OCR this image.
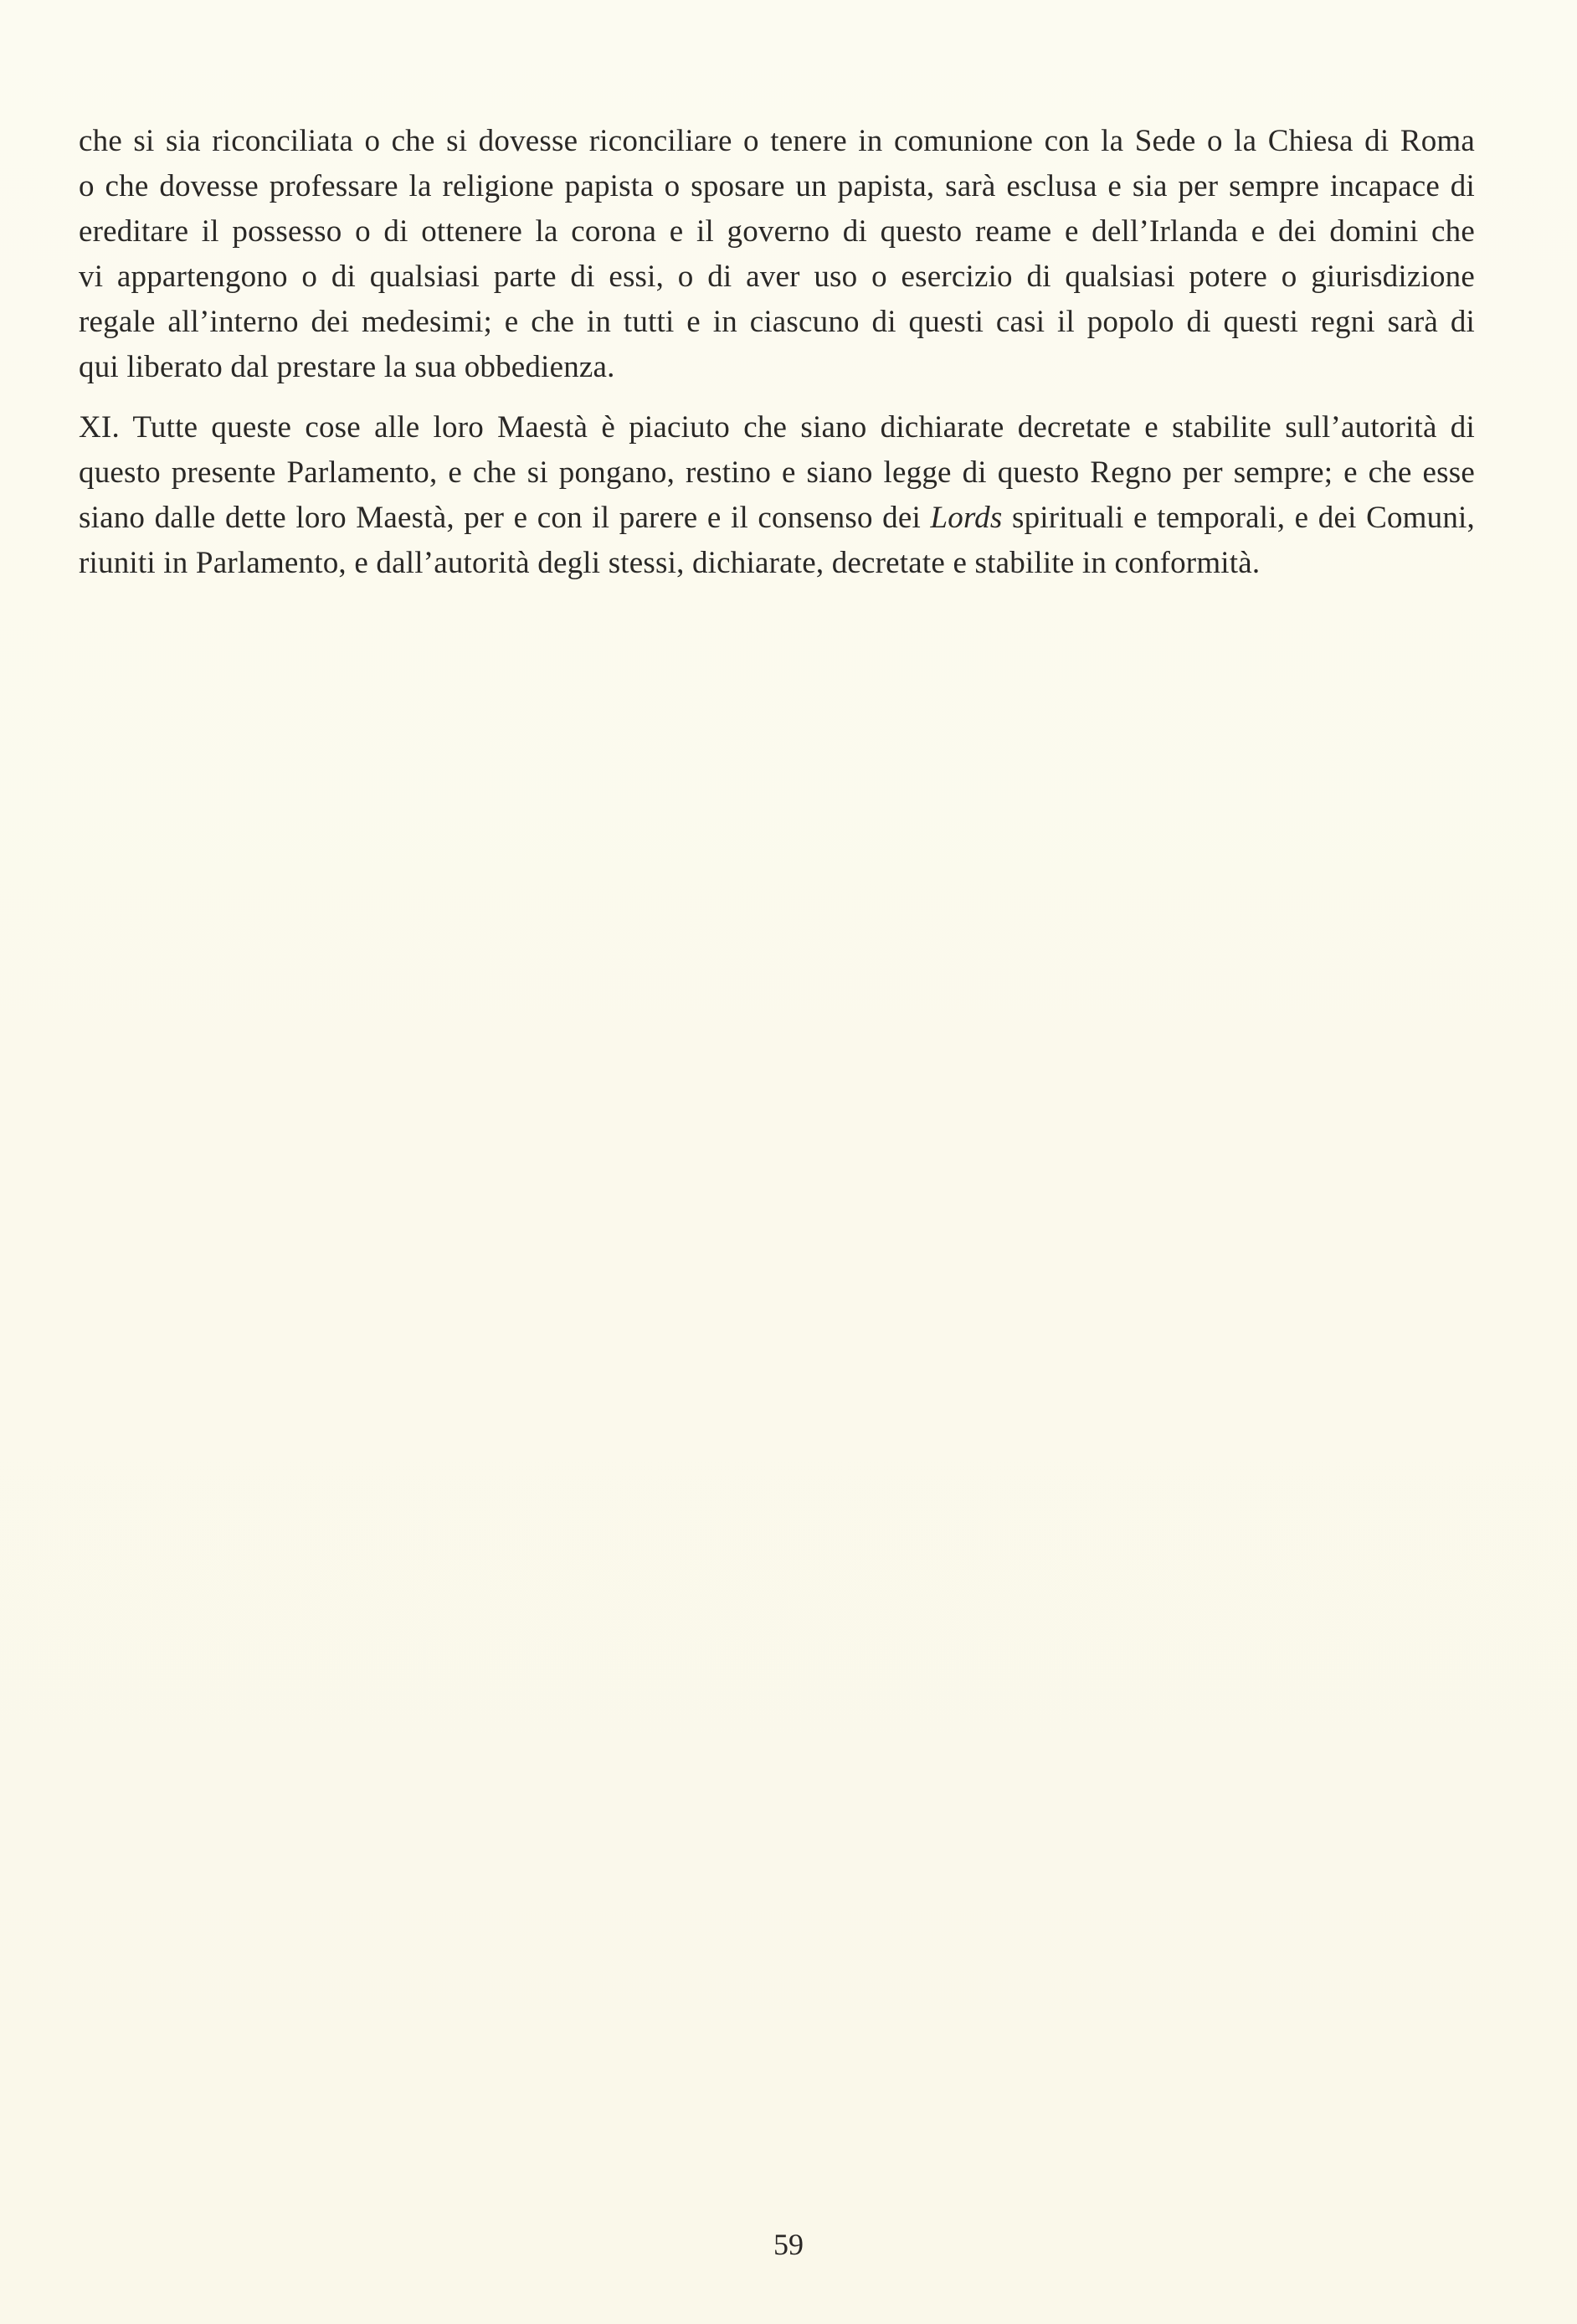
che si sia riconciliata o che si dovesse riconciliare o tenere in comunione con la Sede o la Chiesa di Roma
o che dovesse professare la religione papista o sposare un papista, sarà esclusa e sia per sempre incapace di
ereditare il possesso o di ottenere la corona e il governo di questo reame e dell’Irlanda e dei domini che
vi appartengono o di qualsiasi parte di essi, o di aver uso o esercizio di qualsiasi potere o giurisdizione
regale all’interno dei medesimi; e che in tutti e in ciascuno di questi casi il popolo di questi regni sarà di
qui liberato dal prestare la sua obbedienza.
XI. Tutte queste cose alle loro Maestà è piaciuto che siano dichiarate decretate e stabilite sull’autorità di
questo presente Parlamento, e che si pongano, restino e siano legge di questo Regno per sempre; e che esse
siano dalle dette loro Maestà, per e con il parere e il consenso dei Lords spirituali e temporali, e dei Comuni,
riuniti in Parlamento, e dall’autorità degli stessi, dichiarate, decretate e stabilite in conformità.
59
